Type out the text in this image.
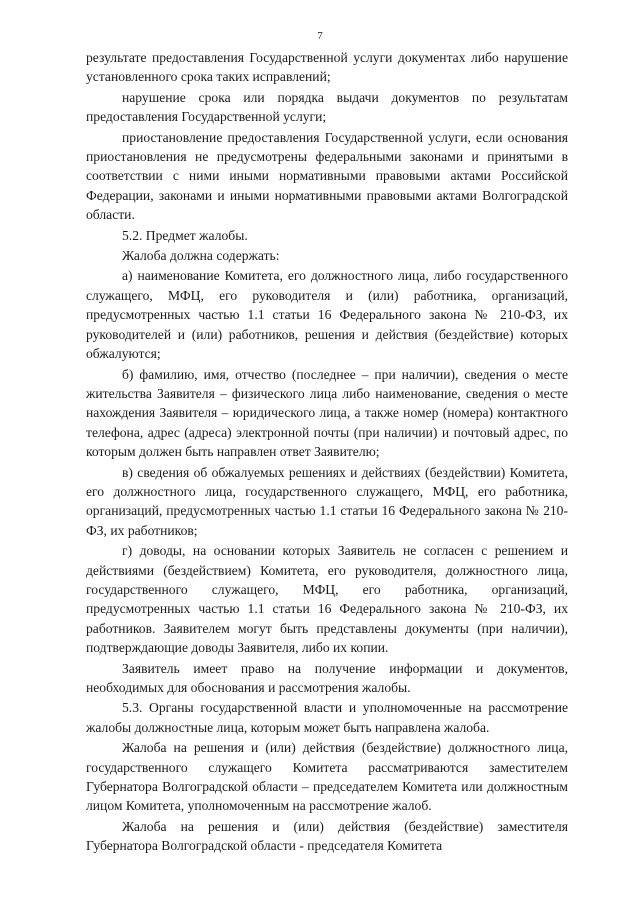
7

результате предоставления Государственной услуги документах либо нарушение установленного срока таких исправлений;

нарушение срока или порядка выдачи документов по результатам предоставления Государственной услуги;

приостановление предоставления Государственной услуги, если основания приостановления не предусмотрены федеральными законами и принятыми в соответствии с ними иными нормативными правовыми актами Российской Федерации, законами и иными нормативными правовыми актами Волгоградской области.

5.2. Предмет жалобы.

Жалоба должна содержать:

а) наименование Комитета, его должностного лица, либо государственного служащего, МФЦ, его руководителя и (или) работника, организаций, предусмотренных частью 1.1 статьи 16 Федерального закона № 210-ФЗ, их руководителей и (или) работников, решения и действия (бездействие) которых обжалуются;

б) фамилию, имя, отчество (последнее – при наличии), сведения о месте жительства Заявителя – физического лица либо наименование, сведения о месте нахождения Заявителя – юридического лица, а также номер (номера) контактного телефона, адрес (адреса) электронной почты (при наличии) и почтовый адрес, по которым должен быть направлен ответ Заявителю;

в) сведения об обжалуемых решениях и действиях (бездействии) Комитета, его должностного лица, государственного служащего, МФЦ, его работника, организаций, предусмотренных частью 1.1 статьи 16 Федерального закона № 210-ФЗ, их работников;

г) доводы, на основании которых Заявитель не согласен с решением и действиями (бездействием) Комитета, его руководителя, должностного лица, государственного служащего, МФЦ, его работника, организаций, предусмотренных частью 1.1 статьи 16 Федерального закона № 210-ФЗ, их работников. Заявителем могут быть представлены документы (при наличии), подтверждающие доводы Заявителя, либо их копии.

Заявитель имеет право на получение информации и документов, необходимых для обоснования и рассмотрения жалобы.

5.3. Органы государственной власти и уполномоченные на рассмотрение жалобы должностные лица, которым может быть направлена жалоба.

Жалоба на решения и (или) действия (бездействие) должностного лица, государственного служащего Комитета рассматриваются заместителем Губернатора Волгоградской области – председателем Комитета или должностным лицом Комитета, уполномоченным на рассмотрение жалоб.

Жалоба на решения и (или) действия (бездействие) заместителя Губернатора Волгоградской области - председателя Комитета
